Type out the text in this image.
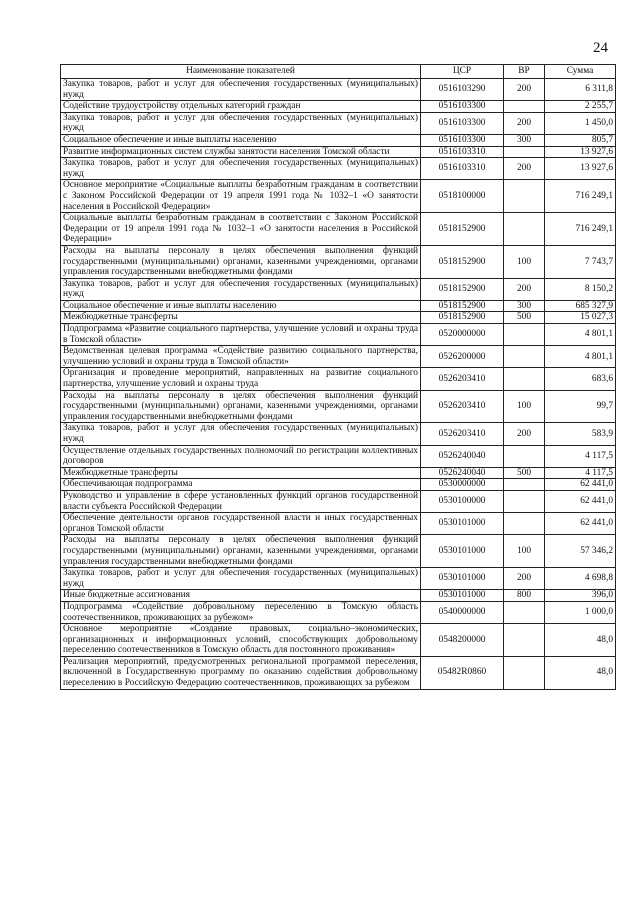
24
Наименование показателей	ЦСР	ВР	Сумма
Закупка товаров, работ и услуг для обеспечения государственных (муниципальных) нужд	0516103290	200	6 311,8
Содействие трудоустройству отдельных категорий граждан	0516103300		2 255,7
Закупка товаров, работ и услуг для обеспечения государственных (муниципальных) нужд	0516103300	200	1 450,0
Социальное обеспечение и иные выплаты населению	0516103300	300	805,7
Развитие информационных систем службы занятости населения Томской области	0516103310		13 927,6
Закупка товаров, работ и услуг для обеспечения государственных (муниципальных) нужд	0516103310	200	13 927,6
Основное мероприятие «Социальные выплаты безработным гражданам в соответствии с Законом Российской Федерации от 19 апреля 1991 года № 1032–1 «О занятости населения в Российской Федерации»	0518100000		716 249,1
Социальные выплаты безработным гражданам в соответствии с Законом Российской Федерации от 19 апреля 1991 года № 1032–1 «О занятости населения в Российской Федерации»	0518152900		716 249,1
Расходы на выплаты персоналу в целях обеспечения выполнения функций государственными (муниципальными) органами, казенными учреждениями, органами управления государственными внебюджетными фондами	0518152900	100	7 743,7
Закупка товаров, работ и услуг для обеспечения государственных (муниципальных) нужд	0518152900	200	8 150,2
Социальное обеспечение и иные выплаты населению	0518152900	300	685 327,9
Межбюджетные трансферты	0518152900	500	15 027,3
Подпрограмма «Развитие социального партнерства, улучшение условий и охраны труда в Томской области»	0520000000		4 801,1
Ведомственная целевая программа «Содействие развитию социального партнерства, улучшению условий и охраны труда в Томской области»	0526200000		4 801,1
Организация и проведение мероприятий, направленных на развитие социального партнерства, улучшение условий и охраны труда	0526203410		683,6
Расходы на выплаты персоналу в целях обеспечения выполнения функций государственными (муниципальными) органами, казенными учреждениями, органами управления государственными внебюджетными фондами	0526203410	100	99,7
Закупка товаров, работ и услуг для обеспечения государственных (муниципальных) нужд	0526203410	200	583,9
Осуществление отдельных государственных полномочий по регистрации коллективных договоров	0526240040		4 117,5
Межбюджетные трансферты	0526240040	500	4 117,5
Обеспечивающая подпрограмма	0530000000		62 441,0
Руководство и управление в сфере установленных функций органов государственной власти субъекта Российской Федерации	0530100000		62 441,0
Обеспечение деятельности органов государственной власти и иных государственных органов Томской области	0530101000		62 441,0
Расходы на выплаты персоналу в целях обеспечения выполнения функций государственными (муниципальными) органами, казенными учреждениями, органами управления государственными внебюджетными фондами	0530101000	100	57 346,2
Закупка товаров, работ и услуг для обеспечения государственных (муниципальных) нужд	0530101000	200	4 698,8
Иные бюджетные ассигнования	0530101000	800	396,0
Подпрограмма «Содействие добровольному переселению в Томскую область соотечественников, проживающих за рубежом»	0540000000		1 000,0
Основное мероприятие «Создание правовых, социально–экономических, организационных и информационных условий, способствующих добровольному переселению соотечественников в Томскую область для постоянного проживания»	0548200000		48,0
Реализация мероприятий, предусмотренных региональной программой переселения, включенной в Государственную программу по оказанию содействия добровольному переселению в Российскую Федерацию соотечественников, проживающих за рубежом	05482R0860		48,0
